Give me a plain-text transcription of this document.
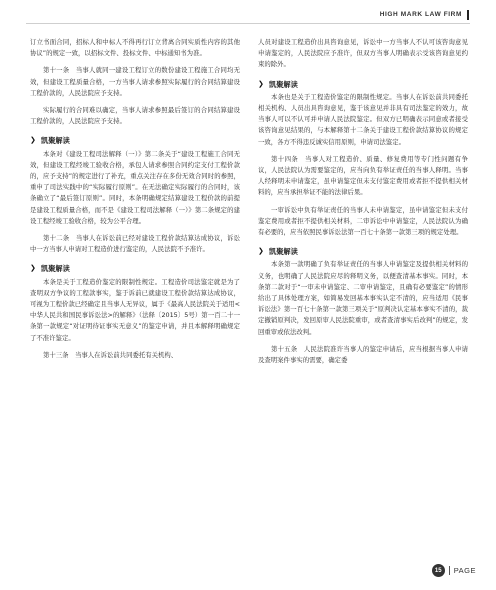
HIGH MARK LAW FIRM

订立书面合同，招标人和中标人不得再行订立背离合同实质性内容的其他协议”的规定一致，以招标文件、投标文件、中标通知书为准。

第十一条　当事人就同一建设工程订立的数份建设工程施工合同均无效，但建设工程质量合格，一方当事人请求参照实际履行的合同结算建设工程价款的，人民法院应予支持。

实际履行的合同难以确定，当事人请求参照最后签订的合同结算建设工程价款的，人民法院应予支持。

❯ 凯聚解读

本条对《建设工程司法解释（一）》第二条关于“建设工程施工合同无效，但建设工程经竣工验收合格，承包人请求参照合同约定支付工程价款的，应予支持”的规定进行了补充，重点关注存在多份无效合同时的参照，重申了司法实践中的“实际履行原则”。在无法确定实际履行的合同时，该条确立了“最后签订原则”。同时，本条明确规定结算建设工程价款的前提是建设工程质量合格，而不是《建设工程司法解释（一）》第二条规定的建设工程经竣工验收合格，较为公平合理。

第十二条　当事人在诉讼前已经对建设工程价款结算达成协议，诉讼中一方当事人申请对工程造价进行鉴定的，人民法院不予准许。

❯ 凯聚解读

本条是关于工程造价鉴定的限制性规定。工程造价司法鉴定就是为了查明双方争议的工程款事实，鉴于诉前已就建设工程价款结算达成协议，可视为工程价款已经确定且当事人无异议，属于《最高人民法院关于适用<中华人民共和国民事诉讼法>的解释》（法释〔2015〕5号）第一百二十一条第一款规定“对证明待证事实无意义”的鉴定申请，并且本解释明确规定了不准许鉴定。

第十三条　当事人在诉讼前共同委托有关机构、

人员对建设工程造价出具咨询意见，诉讼中一方当事人不认可该咨询意见申请鉴定的，人民法院应予准许，但双方当事人明确表示受该咨询意见约束的除外。

❯ 凯聚解读

本条也是关于工程造价鉴定的限制性规定。当事人在诉讼前共同委托相关机构、人员出具咨询意见，鉴于该意见并非具有司法鉴定的效力，故当事人可以不认可并申请人民法院鉴定。但双方已明确表示同意或者接受该咨询意见结果的，与本解释第十二条关于建设工程价款结算协议的规定一致，各方不得违反诚实信用原则，申请司法鉴定。

第十四条　当事人对工程造价、质量、修复费用等专门性问题有争议，人民法院认为需要鉴定的，应当向负有举证责任的当事人释明。当事人经释明未申请鉴定，虽申请鉴定但未支付鉴定费用或者拒不提供相关材料的，应当承担举证不能的法律后果。

一审诉讼中负有举证责任的当事人未申请鉴定，虽申请鉴定但未支付鉴定费用或者拒不提供相关材料，二审诉讼中申请鉴定，人民法院认为确有必要的，应当依照民事诉讼法第一百七十条第一款第三项的规定处理。

❯ 凯聚解读

本条第一款明确了负有举证责任的当事人申请鉴定及提供相关材料的义务，也明确了人民法院应尽的释明义务，以便查清基本事实。同时，本条第二款对于“一审未申请鉴定、二审申请鉴定，且确有必要鉴定”的情形给出了具体处理方案，如简易发回基本事实认定不清的，应当适用《民事诉讼法》第一百七十条第一款第三项关于“原判决认定基本事实不清的，裁定撤销原判决，发回原审人民法院重审，或者查清事实后改判”的规定，发回重审或依法改判。

第十五条　人民法院准许当事人的鉴定申请后，应当根据当事人申请及查明案件事实的需要，确定委

15	PAGE
